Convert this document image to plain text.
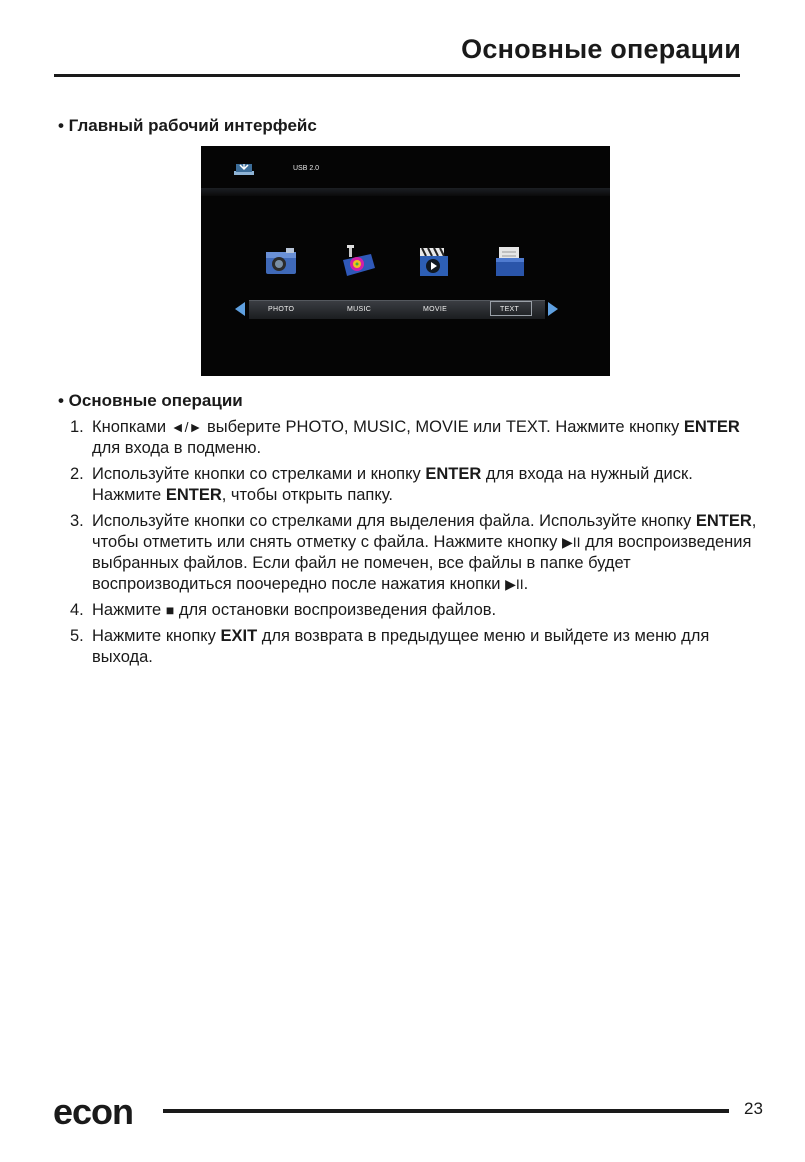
Основные операции
• Главный рабочий интерфейс
USB 2.0
PHOTO	MUSIC	MOVIE	TEXT
• Основные операции
1. Кнопками ◄/► выберите PHOTO, MUSIC, MOVIE или TEXT. Нажмите кнопку ENTER для входа в подменю.
2. Используйте кнопки со стрелками и кнопку ENTER для входа на нужный диск. Нажмите ENTER, чтобы открыть папку.
3. Используйте кнопки со стрелками для выделения файла. Используйте кнопку ENTER, чтобы отметить или снять отметку с файла. Нажмите кнопку ▶II для воспроизведения выбранных файлов. Если файл не помечен, все файлы в папке будет воспроизводиться поочередно после нажатия кнопки ▶II.
4. Нажмите ■ для остановки воспроизведения файлов.
5. Нажмите кнопку EXIT для возврата в предыдущее меню и выйдете из меню для выхода.
econ	23
